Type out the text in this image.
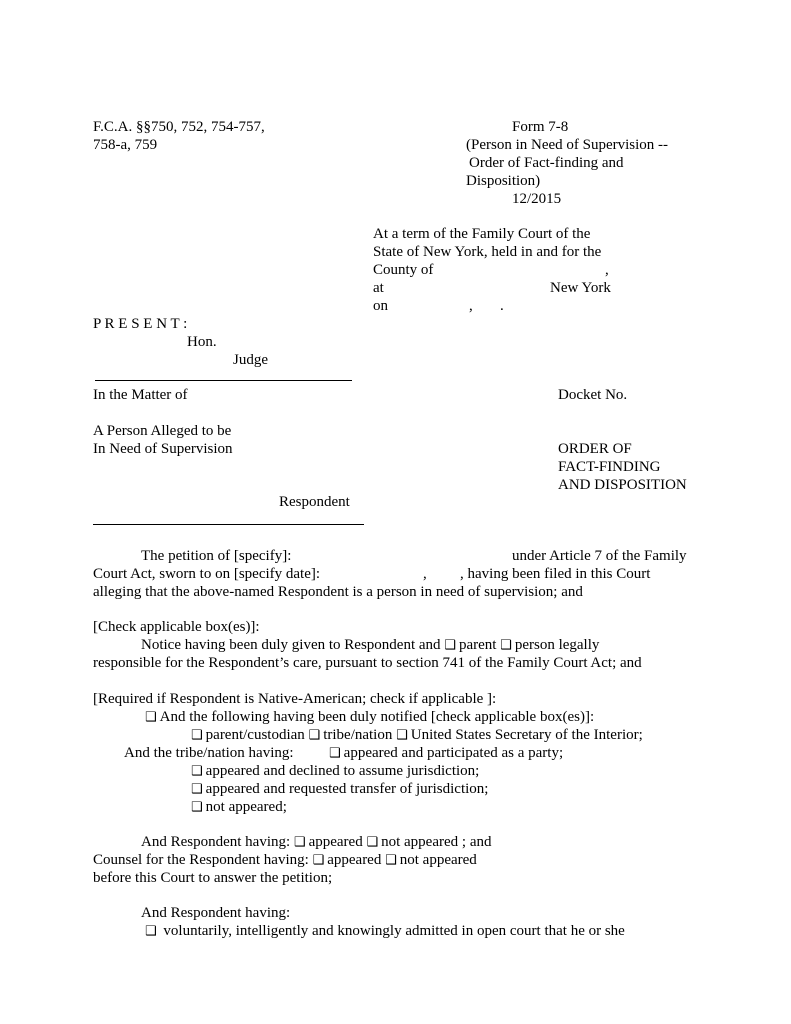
F.C.A. §§750, 752, 754-757,
758-a, 759
Form 7-8
(Person in Need of Supervision --
Order of Fact-finding and
Disposition)
12/2015
At a term of the Family Court of the
State of New York, held in and for the
County of	,
at	New York
on	, .
P R E S E N T :
Hon.
Judge
In the Matter of	Docket No.
A Person Alleged to be
In Need of Supervision	ORDER OF
FACT-FINDING
AND DISPOSITION
Respondent
The petition of [specify]:	under Article 7 of the Family
Court Act, sworn to on [specify date]:	, , having been filed in this Court
alleging that the above-named Respondent is a person in need of supervision; and
[Check applicable box(es)]:
Notice having been duly given to Respondent and ❑ parent ❑ person legally
responsible for the Respondent’s care, pursuant to section 741 of the Family Court Act; and
[Required if Respondent is Native-American; check if applicable ]:
❑ And the following having been duly notified [check applicable box(es)]:
❑ parent/custodian ❑ tribe/nation ❑ United States Secretary of the Interior;
And the tribe/nation having:	❑ appeared and participated as a party;
❑ appeared and declined to assume jurisdiction;
❑ appeared and requested transfer of jurisdiction;
❑ not appeared;
And Respondent having: ❑ appeared ❑ not appeared ; and
Counsel for the Respondent having: ❑ appeared ❑ not appeared
before this Court to answer the petition;
And Respondent having:
❑ voluntarily, intelligently and knowingly admitted in open court that he or she
